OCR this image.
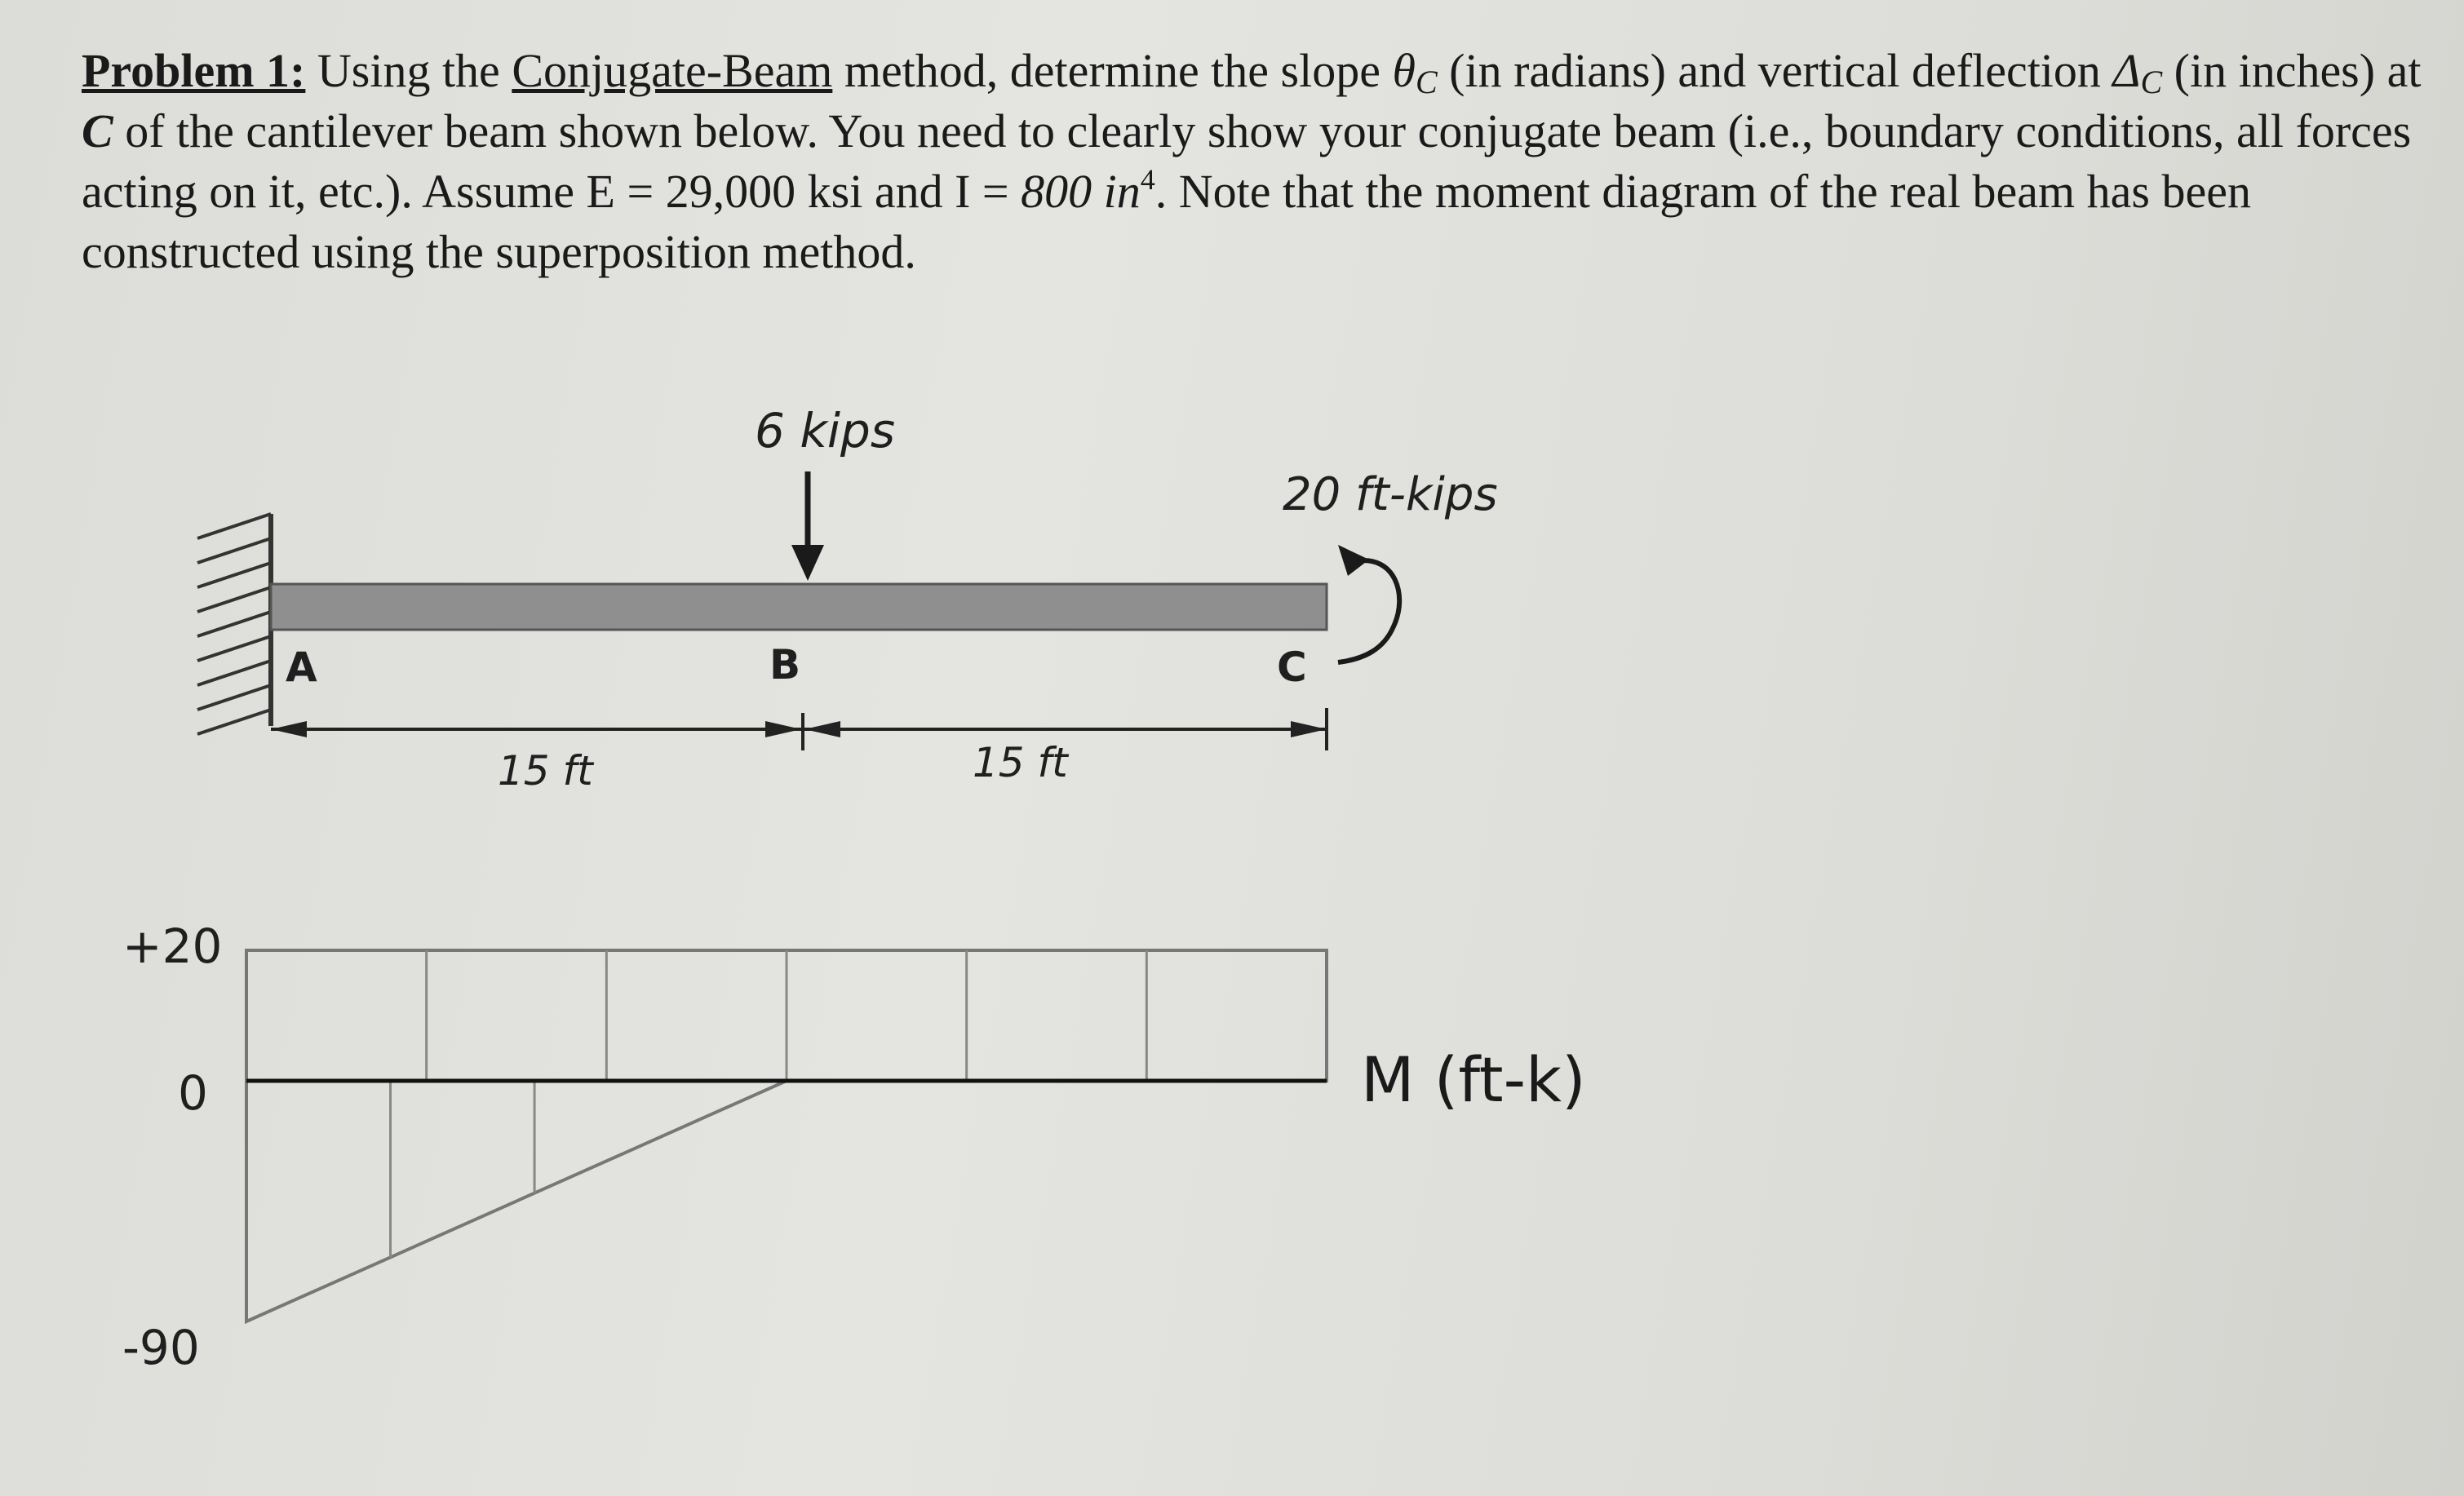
Problem 1: Using the Conjugate-Beam method, determine the slope $\theta_C$ (in radians) and vertical deflection $\Delta_C$ (in inches) at C of the cantilever beam shown below. You need to clearly show your conjugate beam (i.e., boundary conditions, all forces acting on it, etc.). Assume E = 29,000 ksi and I = 800 $in^4$. Note that the moment diagram of the real beam has been constructed using the superposition method.
6 kips
20 ft-kips
A	B	C
15 ft	15 ft
+20
0
-90
M (ft-k)
